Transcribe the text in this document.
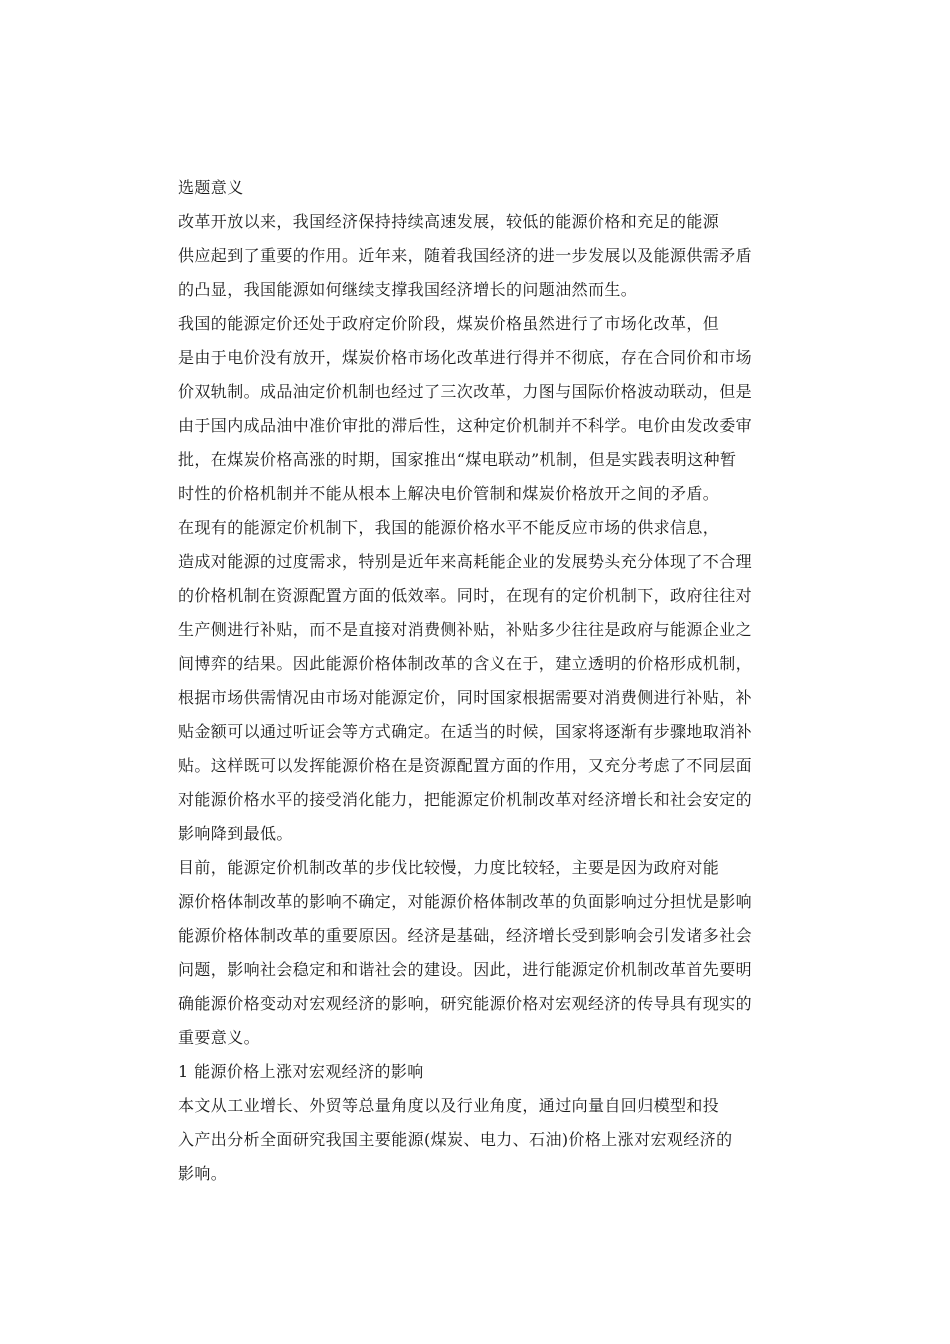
选题意义
改革开放以来，我国经济保持持续高速发展，较低的能源价格和充足的能源
供应起到了重要的作用。近年来，随着我国经济的进一步发展以及能源供需矛盾
的凸显，我国能源如何继续支撑我国经济增长的问题油然而生。
我国的能源定价还处于政府定价阶段，煤炭价格虽然进行了市场化改革，但
是由于电价没有放开，煤炭价格市场化改革进行得并不彻底，存在合同价和市场
价双轨制。成品油定价机制也经过了三次改革，力图与国际价格波动联动，但是
由于国内成品油中准价审批的滞后性，这种定价机制并不科学。电价由发改委审
批，在煤炭价格高涨的时期，国家推出“煤电联动”机制，但是实践表明这种暂
时性的价格机制并不能从根本上解决电价管制和煤炭价格放开之间的矛盾。
在现有的能源定价机制下，我国的能源价格水平不能反应市场的供求信息，
造成对能源的过度需求，特别是近年来高耗能企业的发展势头充分体现了不合理
的价格机制在资源配置方面的低效率。同时，在现有的定价机制下，政府往往对
生产侧进行补贴，而不是直接对消费侧补贴，补贴多少往往是政府与能源企业之
间博弈的结果。因此能源价格体制改革的含义在于，建立透明的价格形成机制，
根据市场供需情况由市场对能源定价，同时国家根据需要对消费侧进行补贴，补
贴金额可以通过听证会等方式确定。在适当的时候，国家将逐渐有步骤地取消补
贴。这样既可以发挥能源价格在是资源配置方面的作用，又充分考虑了不同层面
对能源价格水平的接受消化能力，把能源定价机制改革对经济增长和社会安定的
影响降到最低。
目前，能源定价机制改革的步伐比较慢，力度比较轻，主要是因为政府对能
源价格体制改革的影响不确定，对能源价格体制改革的负面影响过分担忧是影响
能源价格体制改革的重要原因。经济是基础，经济增长受到影响会引发诸多社会
问题，影响社会稳定和和谐社会的建设。因此，进行能源定价机制改革首先要明
确能源价格变动对宏观经济的影响，研究能源价格对宏观经济的传导具有现实的
重要意义。
1 能源价格上涨对宏观经济的影响
本文从工业增长、外贸等总量角度以及行业角度，通过向量自回归模型和投
入产出分析全面研究我国主要能源(煤炭、电力、石油)价格上涨对宏观经济的
影响。
